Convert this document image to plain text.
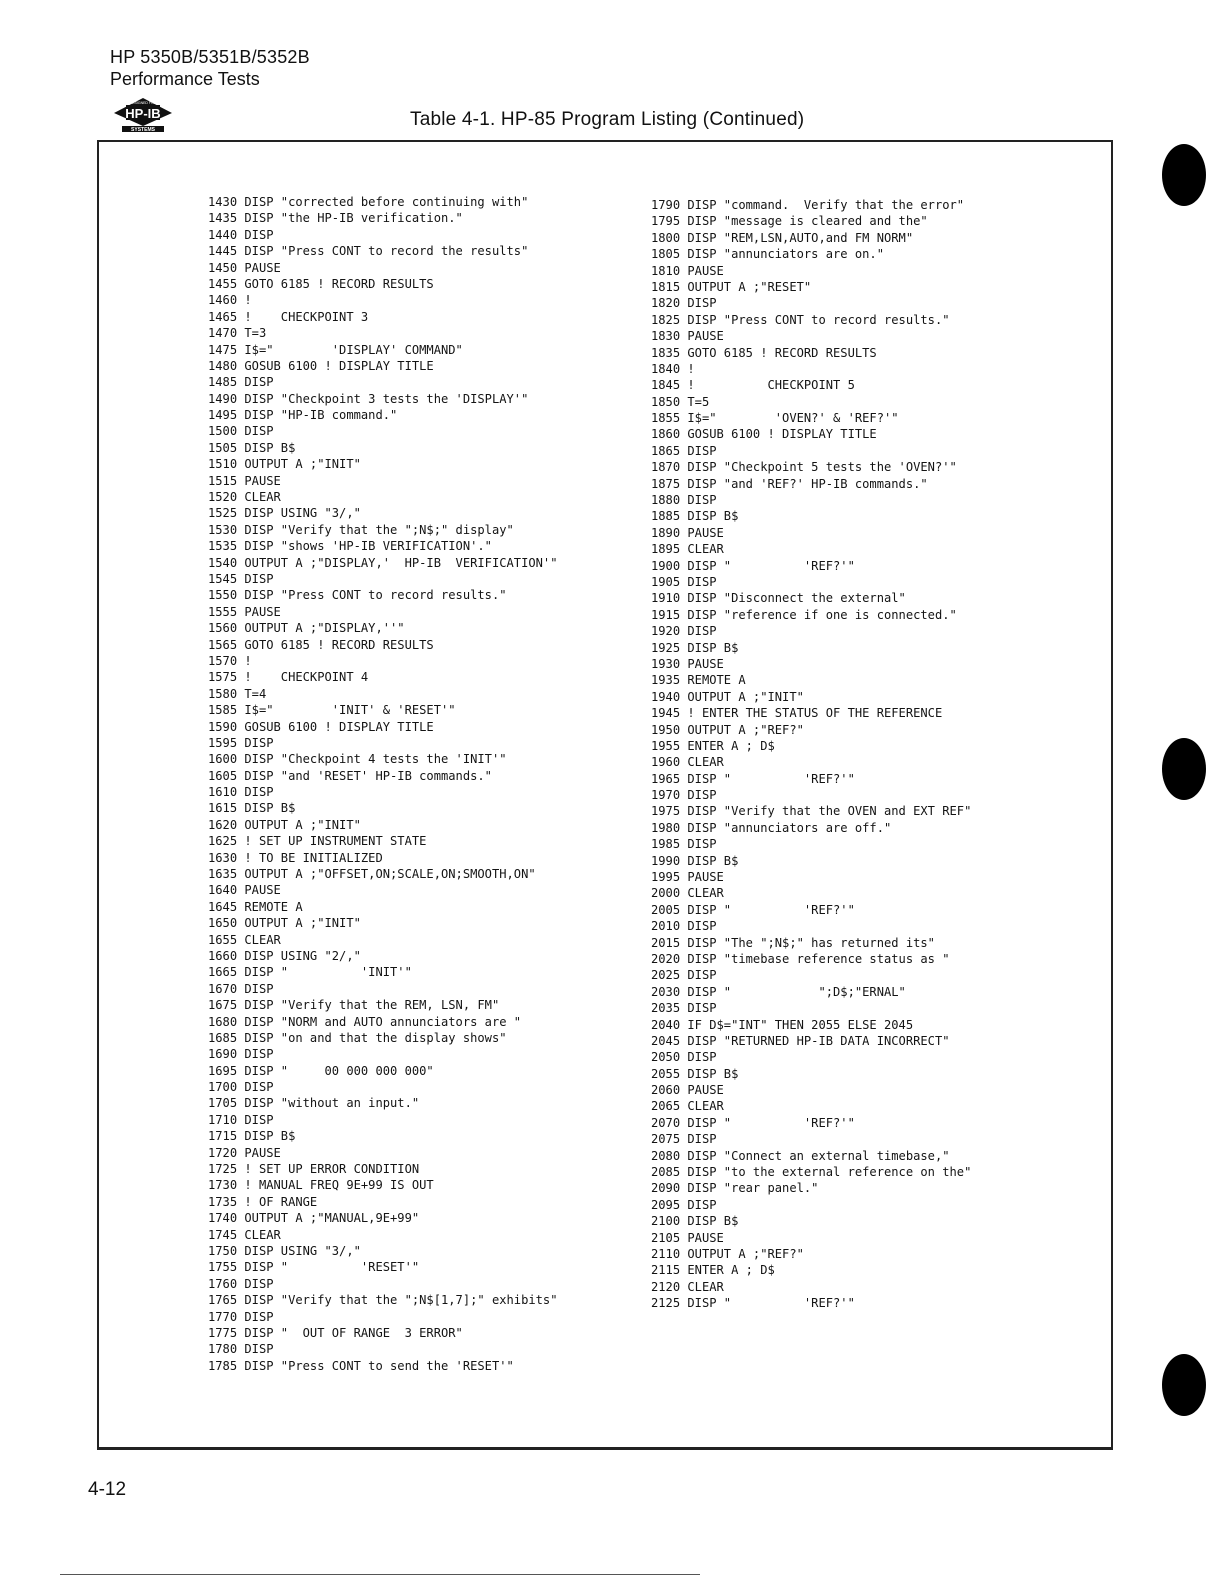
HP 5350B/5351B/5352B
Performance Tests
DESIGNED FOR
HP-IB
SYSTEMS	Table 4-1. HP-85 Program Listing (Continued)
1430 DISP "corrected before continuing with"
1435 DISP "the HP-IB verification."
1440 DISP
1445 DISP "Press CONT to record the results"
1450 PAUSE
1455 GOTO 6185 ! RECORD RESULTS
1460 !
1465 !    CHECKPOINT 3
1470 T=3
1475 I$="        'DISPLAY' COMMAND"
1480 GOSUB 6100 ! DISPLAY TITLE
1485 DISP
1490 DISP "Checkpoint 3 tests the 'DISPLAY'"
1495 DISP "HP-IB command."
1500 DISP
1505 DISP B$
1510 OUTPUT A ;"INIT"
1515 PAUSE
1520 CLEAR
1525 DISP USING "3/,"
1530 DISP "Verify that the ";N$;" display"
1535 DISP "shows 'HP-IB VERIFICATION'."
1540 OUTPUT A ;"DISPLAY,'  HP-IB  VERIFICATION'"
1545 DISP
1550 DISP "Press CONT to record results."
1555 PAUSE
1560 OUTPUT A ;"DISPLAY,''"
1565 GOTO 6185 ! RECORD RESULTS
1570 !
1575 !    CHECKPOINT 4
1580 T=4
1585 I$="        'INIT' & 'RESET'"
1590 GOSUB 6100 ! DISPLAY TITLE
1595 DISP
1600 DISP "Checkpoint 4 tests the 'INIT'"
1605 DISP "and 'RESET' HP-IB commands."
1610 DISP
1615 DISP B$
1620 OUTPUT A ;"INIT"
1625 ! SET UP INSTRUMENT STATE
1630 ! TO BE INITIALIZED
1635 OUTPUT A ;"OFFSET,ON;SCALE,ON;SMOOTH,ON"
1640 PAUSE
1645 REMOTE A
1650 OUTPUT A ;"INIT"
1655 CLEAR
1660 DISP USING "2/,"
1665 DISP "          'INIT'"
1670 DISP
1675 DISP "Verify that the REM, LSN, FM"
1680 DISP "NORM and AUTO annunciators are "
1685 DISP "on and that the display shows"
1690 DISP
1695 DISP "     00 000 000 000"
1700 DISP
1705 DISP "without an input."
1710 DISP
1715 DISP B$
1720 PAUSE
1725 ! SET UP ERROR CONDITION
1730 ! MANUAL FREQ 9E+99 IS OUT
1735 ! OF RANGE
1740 OUTPUT A ;"MANUAL,9E+99"
1745 CLEAR
1750 DISP USING "3/,"
1755 DISP "          'RESET'"
1760 DISP
1765 DISP "Verify that the ";N$[1,7];" exhibits"
1770 DISP
1775 DISP "  OUT OF RANGE  3 ERROR"
1780 DISP
1785 DISP "Press CONT to send the 'RESET'"
1790 DISP "command.  Verify that the error"
1795 DISP "message is cleared and the"
1800 DISP "REM,LSN,AUTO,and FM NORM"
1805 DISP "annunciators are on."
1810 PAUSE
1815 OUTPUT A ;"RESET"
1820 DISP
1825 DISP "Press CONT to record results."
1830 PAUSE
1835 GOTO 6185 ! RECORD RESULTS
1840 !
1845 !          CHECKPOINT 5
1850 T=5
1855 I$="        'OVEN?' & 'REF?'"
1860 GOSUB 6100 ! DISPLAY TITLE
1865 DISP
1870 DISP "Checkpoint 5 tests the 'OVEN?'"
1875 DISP "and 'REF?' HP-IB commands."
1880 DISP
1885 DISP B$
1890 PAUSE
1895 CLEAR
1900 DISP "          'REF?'"
1905 DISP
1910 DISP "Disconnect the external"
1915 DISP "reference if one is connected."
1920 DISP
1925 DISP B$
1930 PAUSE
1935 REMOTE A
1940 OUTPUT A ;"INIT"
1945 ! ENTER THE STATUS OF THE REFERENCE
1950 OUTPUT A ;"REF?"
1955 ENTER A ; D$
1960 CLEAR
1965 DISP "          'REF?'"
1970 DISP
1975 DISP "Verify that the OVEN and EXT REF"
1980 DISP "annunciators are off."
1985 DISP
1990 DISP B$
1995 PAUSE
2000 CLEAR
2005 DISP "          'REF?'"
2010 DISP
2015 DISP "The ";N$;" has returned its"
2020 DISP "timebase reference status as "
2025 DISP
2030 DISP "            ";D$;"ERNAL"
2035 DISP
2040 IF D$="INT" THEN 2055 ELSE 2045
2045 DISP "RETURNED HP-IB DATA INCORRECT"
2050 DISP
2055 DISP B$
2060 PAUSE
2065 CLEAR
2070 DISP "          'REF?'"
2075 DISP
2080 DISP "Connect an external timebase,"
2085 DISP "to the external reference on the"
2090 DISP "rear panel."
2095 DISP
2100 DISP B$
2105 PAUSE
2110 OUTPUT A ;"REF?"
2115 ENTER A ; D$
2120 CLEAR
2125 DISP "          'REF?'"
4-12
